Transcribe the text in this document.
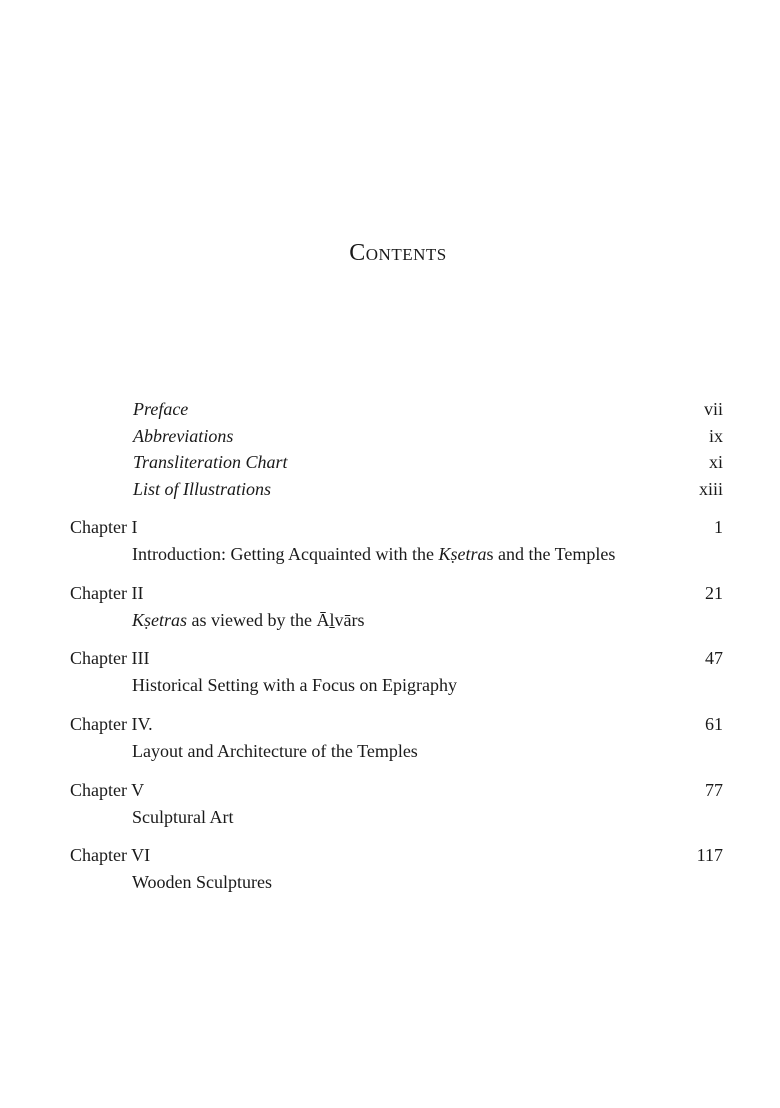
Contents
Preface	vii
Abbreviations	ix
Transliteration Chart	xi
List of Illustrations	xiii
Chapter I	1
Introduction: Getting Acquainted with the Kṣetras and the Temples
Chapter II	21
Kṣetras as viewed by the Āḻvārs
Chapter III	47
Historical Setting with a Focus on Epigraphy
Chapter IV.	61
Layout and Architecture of the Temples
Chapter V	77
Sculptural Art
Chapter VI	117
Wooden Sculptures
